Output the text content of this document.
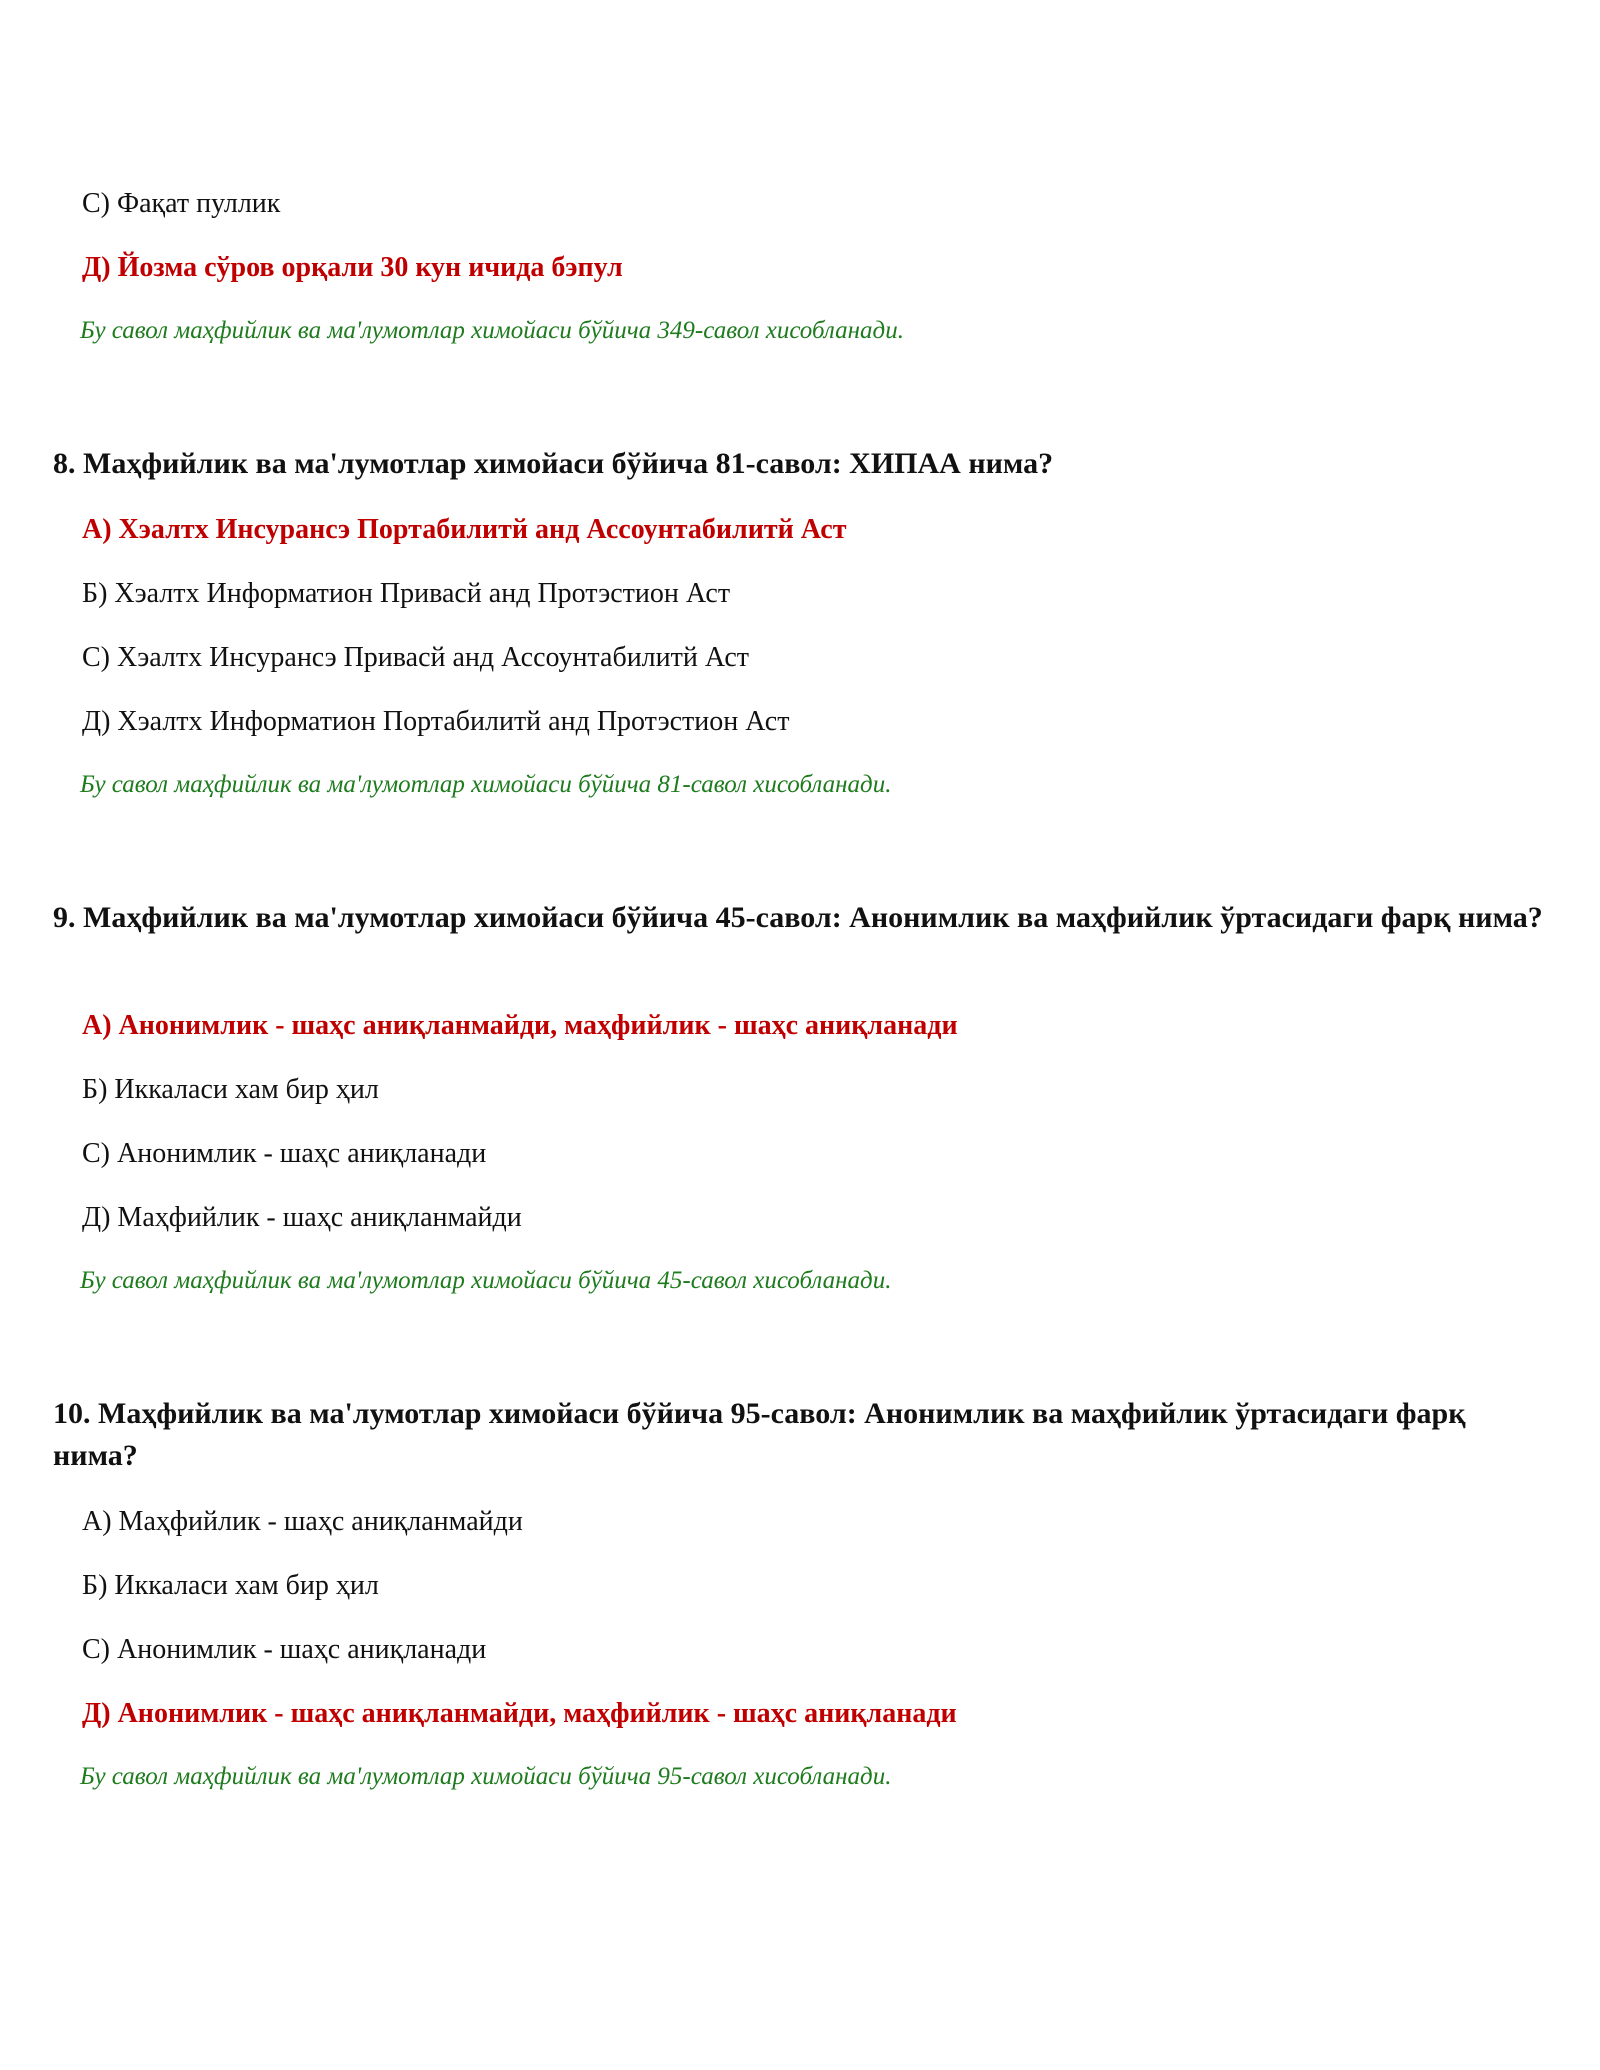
С) Фақат пуллик
Д) Йозма сўров орқали 30 кун ичида бэпул
Бу савол маҳфийлик ва ма'лумотлар химойаси бўйича 349-савол хисобланади.
8. Маҳфийлик ва ма'лумотлар химойаси бўйича 81-савол: ХИПАА нима?
А) Хэалтх Инсурансэ Портабилитй анд Ассоунтабилитй Аст
Б) Хэалтх Информатион Привасй анд Протэстион Аст
С) Хэалтх Инсурансэ Привасй анд Ассоунтабилитй Аст
Д) Хэалтх Информатион Портабилитй анд Протэстион Аст
Бу савол маҳфийлик ва ма'лумотлар химойаси бўйича 81-савол хисобланади.
9. Маҳфийлик ва ма'лумотлар химойаси бўйича 45-савол: Анонимлик ва маҳфийлик ўртасидаги фарқ нима?
А) Анонимлик - шаҳс аниқланмайди, маҳфийлик - шаҳс аниқланади
Б) Иккаласи хам бир ҳил
С) Анонимлик - шаҳс аниқланади
Д) Маҳфийлик - шаҳс аниқланмайди
Бу савол маҳфийлик ва ма'лумотлар химойаси бўйича 45-савол хисобланади.
10. Маҳфийлик ва ма'лумотлар химойаси бўйича 95-савол: Анонимлик ва маҳфийлик ўртасидаги фарқ нима?
А) Маҳфийлик - шаҳс аниқланмайди
Б) Иккаласи хам бир ҳил
С) Анонимлик - шаҳс аниқланади
Д) Анонимлик - шаҳс аниқланмайди, маҳфийлик - шаҳс аниқланади
Бу савол маҳфийлик ва ма'лумотлар химойаси бўйича 95-савол хисобланади.
